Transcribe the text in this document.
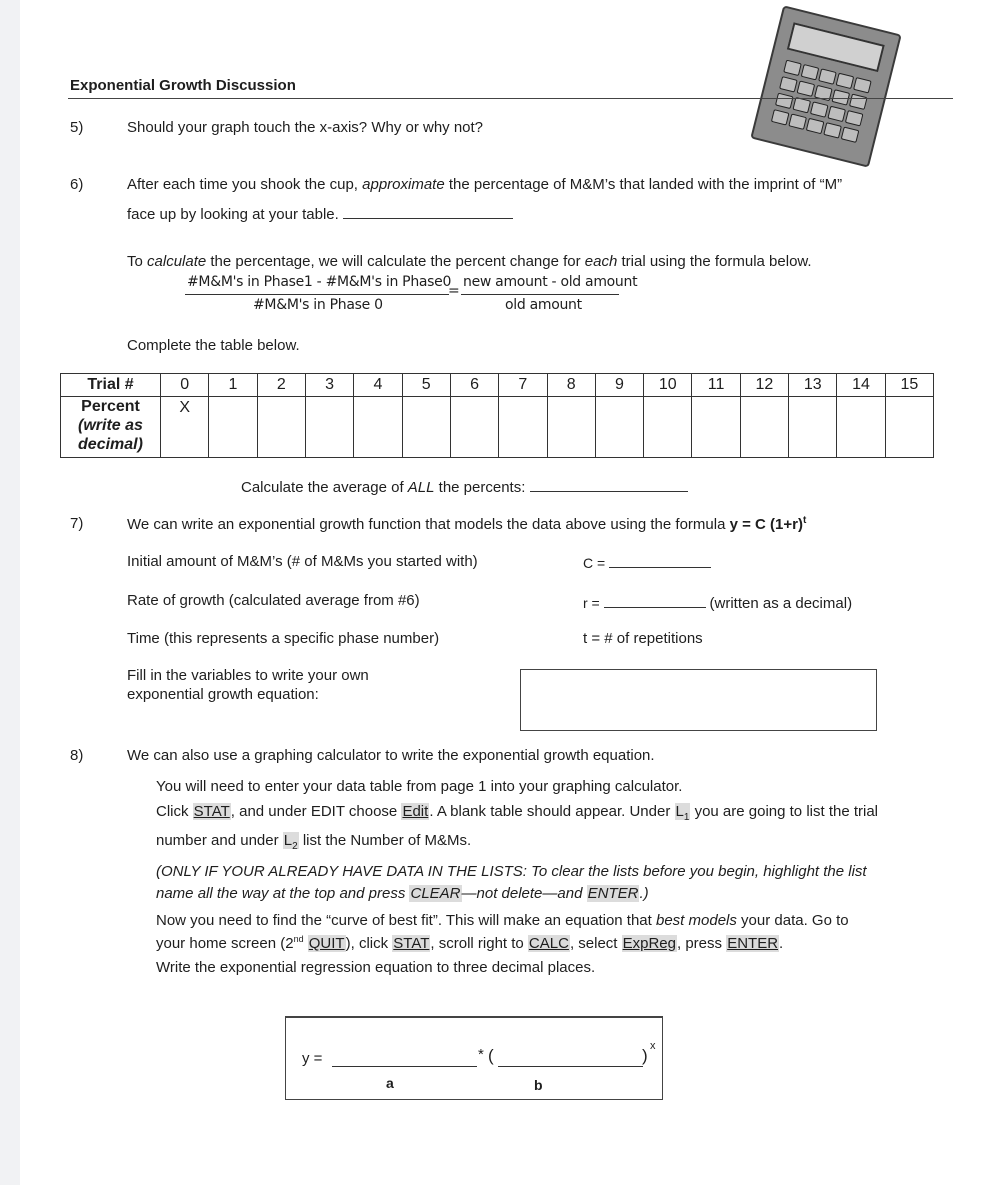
Exponential Growth Discussion
5)	Should your graph touch the x-axis? Why or why not?
6)	After each time you shook the cup, approximate the percentage of M&M’s that landed with the imprint of “M”
face up by looking at your table.
To calculate the percentage, we will calculate the percent change for each trial using the formula below.
#M&M's in Phase1 - #M&M's in Phase0
#M&M's in Phase 0
=
new amount - old amount
old amount
Complete the table below.
Trial #	0	1	2	3	4	5	6	7	8	9	10	11	12	13	14	15

Percent
(write as
decimal)	X															
Calculate the average of ALL the percents:
7)	We can write an exponential growth function that models the data above using the formula y = C $(1+r)^t$
Initial amount of M&M’s (# of M&Ms you started with)	C =
Rate of growth (calculated average from #6)	r =	(written as a decimal)
Time (this represents a specific phase number)	t = # of repetitions
Fill in the variables to write your own
exponential growth equation:
8)	We can also use a graphing calculator to write the exponential growth equation.
You will need to enter your data table from page 1 into your graphing calculator.
Click STAT, and under EDIT choose Edit. A blank table should appear. Under $L_1$ you are going to list the trial
number and under $L_2$ list the Number of M&Ms.
(ONLY IF YOUR ALREADY HAVE DATA IN THE LISTS: To clear the lists before you begin, highlight the list
name all the way at the top and press CLEAR—not delete—and ENTER.)
Now you need to find the “curve of best fit”. This will make an equation that best models your data. Go to
your home screen (2nd QUIT), click STAT, scroll right to CALC, select ExpReg, press ENTER.
Write the exponential regression equation to three decimal places.
y =	* (	) x
a	b
